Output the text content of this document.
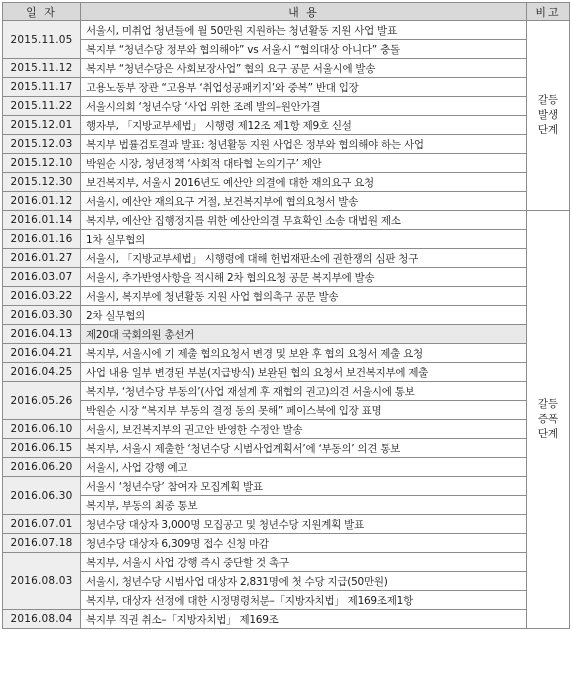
일 자	내 용	비고
2015.11.05	서울시, 미취업 청년들에 월 50만원 지원하는 청년활동 지원 사업 발표	갈등 발생 단계
	복지부 “청년수당 정부와 협의해야” vs 서울시 “협의대상 아니다” 충돌	
2015.11.12	복지부 “청년수당은 사회보장사업” 협의 요구 공문 서울시에 발송	
2015.11.17	고용노동부 장관 “고용부 ‘취업성공패키지’와 중복” 반대 입장	
2015.11.22	서울시의회 ‘청년수당 ‘사업 위한 조례 발의–원안가결	
2015.12.01	행자부, 「지방교부세법」 시행령 제12조 제1항 제9호 신설	
2015.12.03	복지부 법률검토결과 발표: 청년활동 지원 사업은 정부와 협의해야 하는 사업	
2015.12.10	박원순 시장, 청년정책 ‘사회적 대타협 논의기구’ 제안	
2015.12.30	보건복지부, 서울시 2016년도 예산안 의결에 대한 재의요구 요청	
2016.01.12	서울시, 예산안 재의요구 거절, 보건복지부에 협의요청서 발송	
2016.01.14	복지부, 예산안 집행정지를 위한 예산안의결 무효확인 소송 대법원 제소	갈등 증폭 단계
2016.01.16	1차 실무협의	
2016.01.27	서울시, 「지방교부세법」 시행령에 대해 헌법재판소에 권한쟁의 심판 청구	
2016.03.07	서울시, 추가반영사항을 적시해 2차 협의요청 공문 복지부에 발송	
2016.03.22	서울시, 복지부에 청년활동 지원 사업 협의촉구 공문 발송	
2016.03.30	2차 실무협의	
2016.04.13	제20대 국회의원 총선거	
2016.04.21	복지부, 서울시에 기 제출 협의요청서 변경 및 보완 후 협의 요청서 제출 요청	
2016.04.25	사업 내용 일부 변경된 부분(지급방식) 보완된 협의 요청서 보건복지부에 제출	
2016.05.26	복지부, ‘청년수당 부동의’(사업 재설계 후 재협의 권고)의견 서울시에 통보	
	박원순 시장 “복지부 부동의 결정 동의 못해” 페이스북에 입장 표명	
2016.06.10	서울시, 보건복지부의 권고안 반영한 수정안 발송	
2016.06.15	복지부, 서울시 제출한 ‘청년수당 시범사업계획서’에 ‘부동의’ 의견 통보	
2016.06.20	서울시, 사업 강행 예고	
2016.06.30	서울시 ‘청년수당’ 참여자 모집계획 발표	
	복지부, 부동의 최종 통보	
2016.07.01	청년수당 대상자 3,000명 모집공고 및 청년수당 지원계획 발표	
2016.07.18	청년수당 대상자 6,309명 접수 신청 마감	
2016.08.03	복지부, 서울시 사업 강행 즉시 중단할 것 촉구	
	서울시, 청년수당 시범사업 대상자 2,831명에 첫 수당 지급(50만원)	
	복지부, 대상자 선정에 대한 시정명령처분–「지방자치법」 제169조제1항	
2016.08.04	복지부 직권 취소–「지방자치법」 제169조	
